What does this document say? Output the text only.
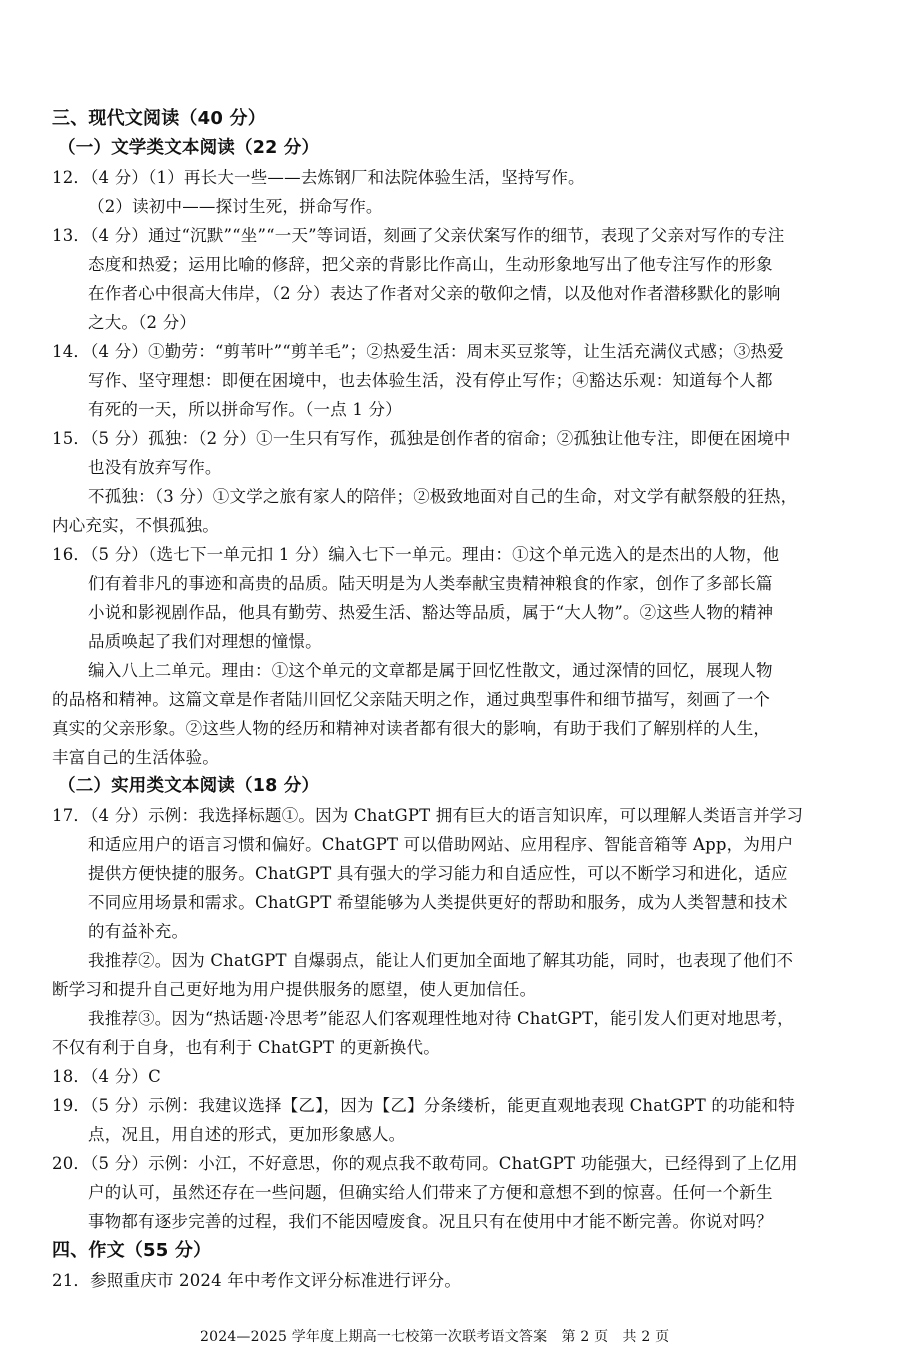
三、现代文阅读（40 分）
（一）文学类文本阅读（22 分）
12．（4 分）（1）再长大一些——去炼钢厂和法院体验生活，坚持写作。
（2）读初中——探讨生死，拼命写作。
13．（4 分）通过“沉默”“坐”“一天”等词语，刻画了父亲伏案写作的细节，表现了父亲对写作的专注
态度和热爱；运用比喻的修辞，把父亲的背影比作高山，生动形象地写出了他专注写作的形象
在作者心中很高大伟岸，（2 分）表达了作者对父亲的敬仰之情，以及他对作者潜移默化的影响
之大。（2 分）
14．（4 分）①勤劳：“剪苇叶”“剪羊毛”；②热爱生活：周末买豆浆等，让生活充满仪式感；③热爱
写作、坚守理想：即便在困境中，也去体验生活，没有停止写作；④豁达乐观：知道每个人都
有死的一天，所以拼命写作。（一点 1 分）
15．（5 分）孤独：（2 分）①一生只有写作，孤独是创作者的宿命；②孤独让他专注，即便在困境中
也没有放弃写作。
不孤独：（3 分）①文学之旅有家人的陪伴；②极致地面对自己的生命，对文学有献祭般的狂热，
内心充实，不惧孤独。
16．（5 分）（选七下一单元扣 1 分）编入七下一单元。理由：①这个单元选入的是杰出的人物，他
们有着非凡的事迹和高贵的品质。陆天明是为人类奉献宝贵精神粮食的作家，创作了多部长篇
小说和影视剧作品，他具有勤劳、热爱生活、豁达等品质，属于“大人物”。②这些人物的精神
品质唤起了我们对理想的憧憬。
编入八上二单元。理由：①这个单元的文章都是属于回忆性散文，通过深情的回忆，展现人物
的品格和精神。这篇文章是作者陆川回忆父亲陆天明之作，通过典型事件和细节描写，刻画了一个
真实的父亲形象。②这些人物的经历和精神对读者都有很大的影响，有助于我们了解别样的人生，
丰富自己的生活体验。
（二）实用类文本阅读（18 分）
17．（4 分）示例：我选择标题①。因为 ChatGPT 拥有巨大的语言知识库，可以理解人类语言并学习
和适应用户的语言习惯和偏好。ChatGPT 可以借助网站、应用程序、智能音箱等 App，为用户
提供方便快捷的服务。ChatGPT 具有强大的学习能力和自适应性，可以不断学习和进化，适应
不同应用场景和需求。ChatGPT 希望能够为人类提供更好的帮助和服务，成为人类智慧和技术
的有益补充。
我推荐②。因为 ChatGPT 自爆弱点，能让人们更加全面地了解其功能，同时，也表现了他们不
断学习和提升自己更好地为用户提供服务的愿望，使人更加信任。
我推荐③。因为“热话题·冷思考”能忍人们客观理性地对待 ChatGPT，能引发人们更对地思考，
不仅有利于自身，也有利于 ChatGPT 的更新换代。
18．（4 分）C
19．（5 分）示例：我建议选择【乙】，因为【乙】分条缕析，能更直观地表现 ChatGPT 的功能和特
点，况且，用自述的形式，更加形象感人。
20．（5 分）示例：小江，不好意思，你的观点我不敢苟同。ChatGPT 功能强大，已经得到了上亿用
户的认可，虽然还存在一些问题，但确实给人们带来了方便和意想不到的惊喜。任何一个新生
事物都有逐步完善的过程，我们不能因噎废食。况且只有在使用中才能不断完善。你说对吗？
四、作文（55 分）
21．参照重庆市 2024 年中考作文评分标准进行评分。
2024—2025 学年度上期高一七校第一次联考语文答案　第 2 页　共 2 页
